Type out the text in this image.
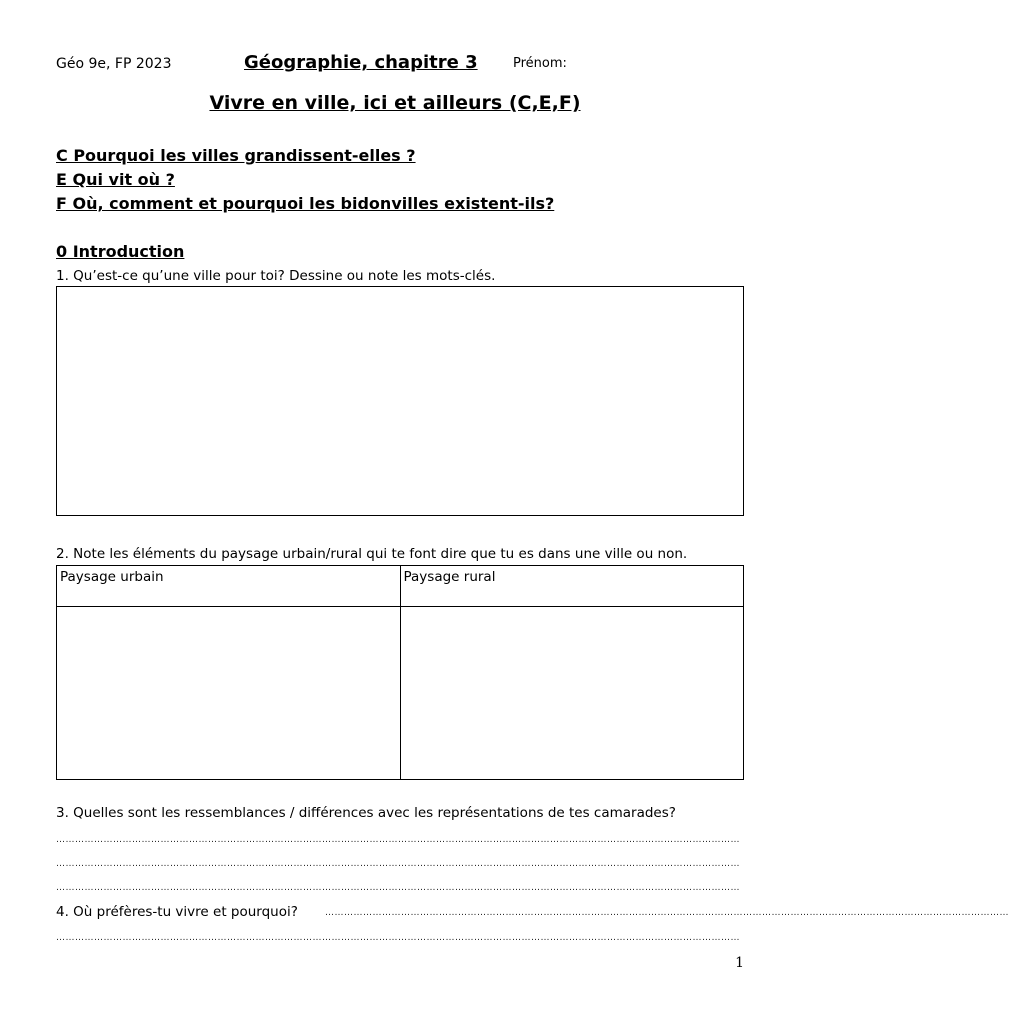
Géo 9e, FP 2023	Géographie, chapitre 3	Prénom:
Vivre en ville, ici et ailleurs (C,E,F)
C Pourquoi les villes grandissent-elles ?
E Qui vit où ?
F Où, comment et pourquoi les bidonvilles existent-ils?
0 Introduction
1. Qu’est-ce qu’une ville pour toi? Dessine ou note les mots-clés.
2. Note les éléments du paysage urbain/rural qui te font dire que tu es dans une ville ou non.
Paysage urbain	Paysage rural

3. Quelles sont les ressemblances / différences avec les représentations de tes camarades?
………………………………………………………………………………………………………………………………………………………………………………………………
………………………………………………………………………………………………………………………………………………………………………………………………
………………………………………………………………………………………………………………………………………………………………………………………………
4. Où préfères-tu vivre et pourquoi?	………………………………………………………………………………………………………………………………………………………………………………………………
………………………………………………………………………………………………………………………………………………………………………………………………
1
